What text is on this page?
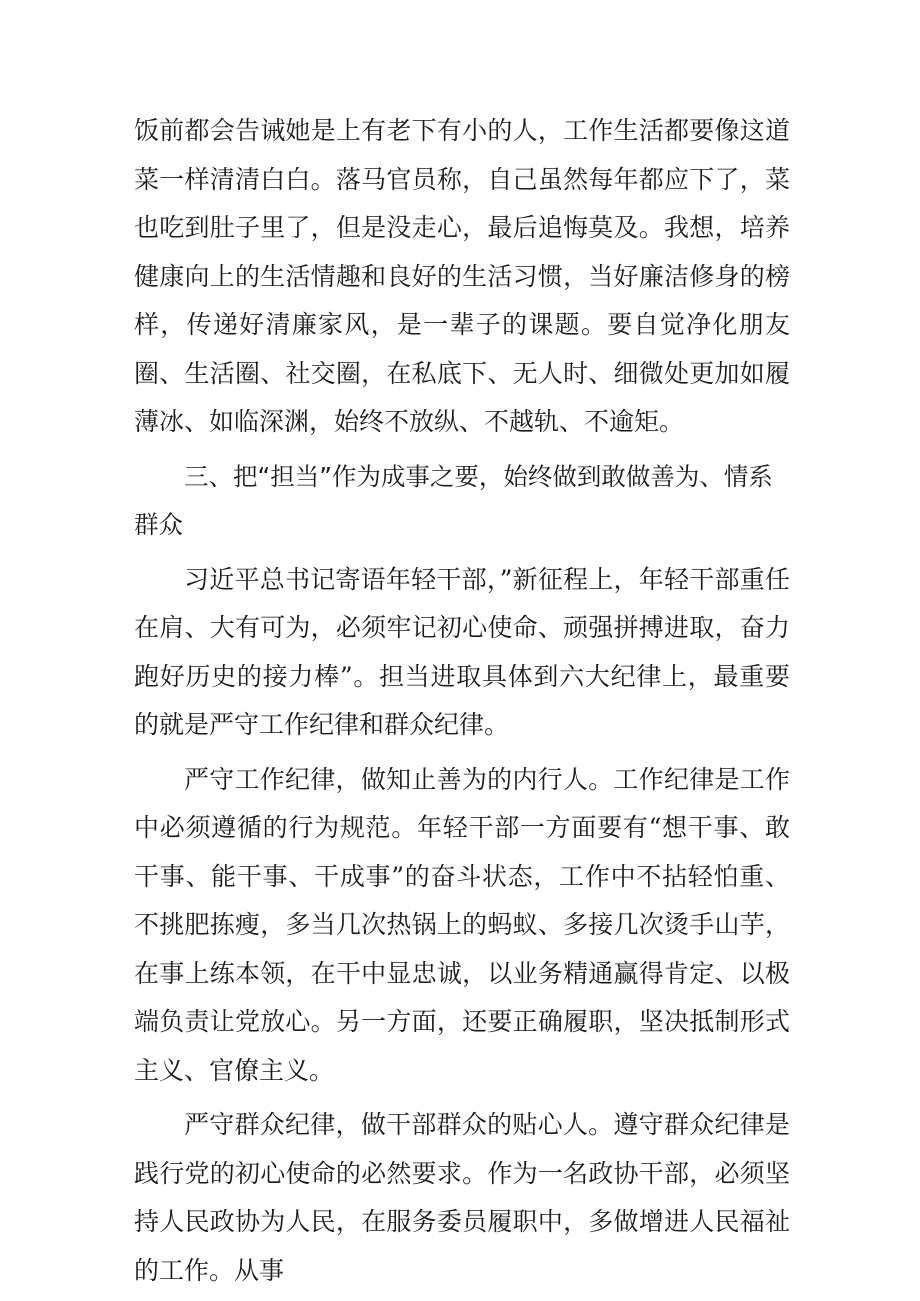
饭前都会告诫她是上有老下有小的人，工作生活都要像这道菜一样清清白白。落马官员称，自己虽然每年都应下了，菜也吃到肚子里了，但是没走心，最后追悔莫及。我想，培养健康向上的生活情趣和良好的生活习惯，当好廉洁修身的榜样，传递好清廉家风，是一辈子的课题。要自觉净化朋友圈、生活圈、社交圈，在私底下、无人时、细微处更加如履薄冰、如临深渊，始终不放纵、不越轨、不逾矩。

三、把“担当”作为成事之要，始终做到敢做善为、情系群众

习近平总书记寄语年轻干部，”新征程上，年轻干部重任在肩、大有可为，必须牢记初心使命、顽强拼搏进取，奋力跑好历史的接力棒”。担当进取具体到六大纪律上，最重要的就是严守工作纪律和群众纪律。

严守工作纪律，做知止善为的内行人。工作纪律是工作中必须遵循的行为规范。年轻干部一方面要有“想干事、敢干事、能干事、干成事”的奋斗状态，工作中不拈轻怕重、不挑肥拣瘦，多当几次热锅上的蚂蚁、多接几次烫手山芋，在事上练本领，在干中显忠诚，以业务精通赢得肯定、以极端负责让党放心。另一方面，还要正确履职，坚决抵制形式主义、官僚主义。

严守群众纪律，做干部群众的贴心人。遵守群众纪律是践行党的初心使命的必然要求。作为一名政协干部，必须坚持人民政协为人民，在服务委员履职中，多做增进人民福祉的工作。从事
